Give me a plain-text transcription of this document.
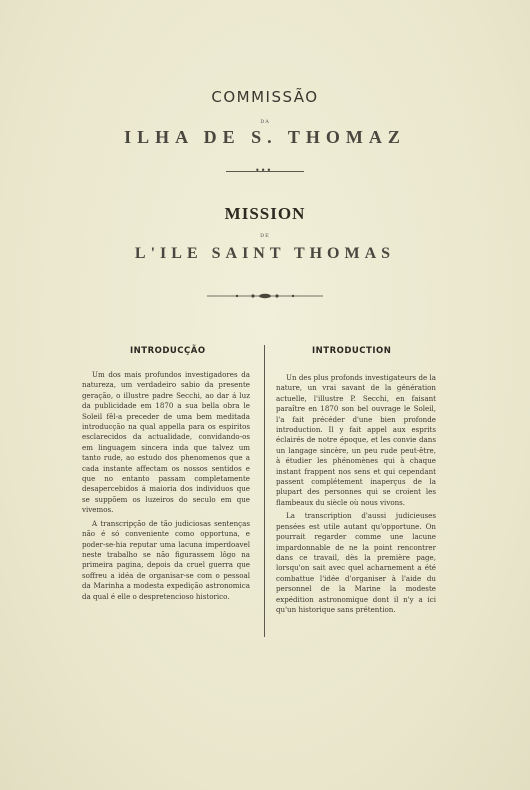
COMMISSÃO
DA
ILHA DE S. THOMAZ
•••
MISSION
DE
L'ILE SAINT THOMAS
INTRODUCÇÃO	INTRODUCTION

Um dos mais profundos investigadores da natureza, um verdadeiro sabio da presente geração, o illustre padre Secchi, ao dar á luz da publicidade em 1870 a sua bella obra le Soleil fêl-a preceder de uma bem meditada introducção na qual appella para os espiritos esclarecidos da actualidade, convidando-os em linguagem sincera inda que talvez um tanto rude, ao estudo dos phenomenos que a cada instante affectam os nossos sentidos e que no entanto passam completamente desapercebidos á maioria dos individuos que se suppõem os luzeiros do seculo em que vivemos.

A transcripção de tão judiciosas sentenças não é só conveniente como opportuna, e poder-se-hia reputar uma lacuna imperdoavel neste trabalho se não figurassem lôgo na primeira pagina, depois da cruel guerra que soffreu a idéa de organisar-se com o pessoal da Marinha a modesta expedição astronomica da qual é elle o despretencioso historico.

Un des plus profonds investigateurs de la nature, un vrai savant de la génération actuelle, l'illustre P. Secchi, en faisant paraître en 1870 son bel ouvrage le Soleil, l'a fait précéder d'une bien profonde introduction. Il y fait appel aux esprits éclairés de notre époque, et les convie dans un langage sincère, un peu rude peut-être, à étudier les phénomènes qui à chaque instant frappent nos sens et qui cependant passent complétement inaperçus de la plupart des personnes qui se croient les flambeaux du siècle où nous vivons.

La transcription d'aussi judicieuses pensées est utile autant qu'opportune. On pourrait regarder comme une lacune impardonnable de ne la point rencontrer dans ce travail, dès la première page, lorsqu'on sait avec quel acharnement a été combattue l'idée d'organiser à l'aide du personnel de la Marine la modeste expédition astronomique dont il n'y a ici qu'un historique sans prétention.
